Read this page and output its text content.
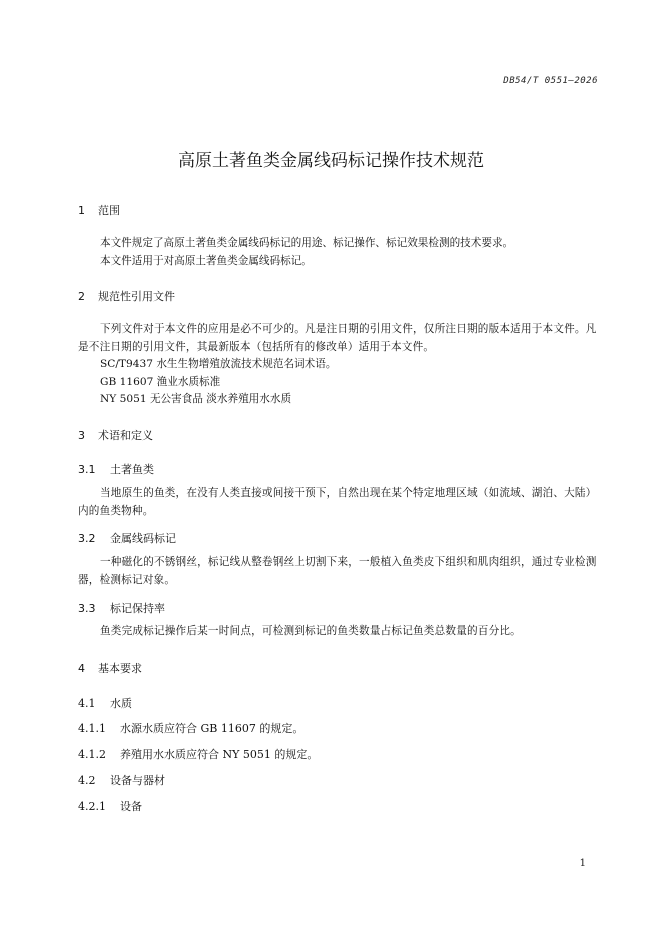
DB54/T 0551—2026
高原土著鱼类金属线码标记操作技术规范
1 范围
本文件规定了高原土著鱼类金属线码标记的用途、标记操作、标记效果检测的技术要求。
本文件适用于对高原土著鱼类金属线码标记。
2 规范性引用文件
下列文件对于本文件的应用是必不可少的。凡是注日期的引用文件，仅所注日期的版本适用于本文件。凡是不注日期的引用文件，其最新版本（包括所有的修改单）适用于本文件。
SC/T9437 水生生物增殖放流技术规范名词术语。
GB 11607 渔业水质标准
NY 5051 无公害食品 淡水养殖用水水质
3 术语和定义
3.1 土著鱼类
当地原生的鱼类，在没有人类直接或间接干预下，自然出现在某个特定地理区域（如流域、湖泊、大陆）内的鱼类物种。
3.2 金属线码标记
一种磁化的不锈钢丝，标记线从整卷钢丝上切割下来，一般植入鱼类皮下组织和肌肉组织，通过专业检测器，检测标记对象。
3.3 标记保持率
鱼类完成标记操作后某一时间点，可检测到标记的鱼类数量占标记鱼类总数量的百分比。
4 基本要求
4.1 水质
4.1.1 水源水质应符合 GB 11607 的规定。
4.1.2 养殖用水水质应符合 NY 5051 的规定。
4.2 设备与器材
4.2.1 设备
1
